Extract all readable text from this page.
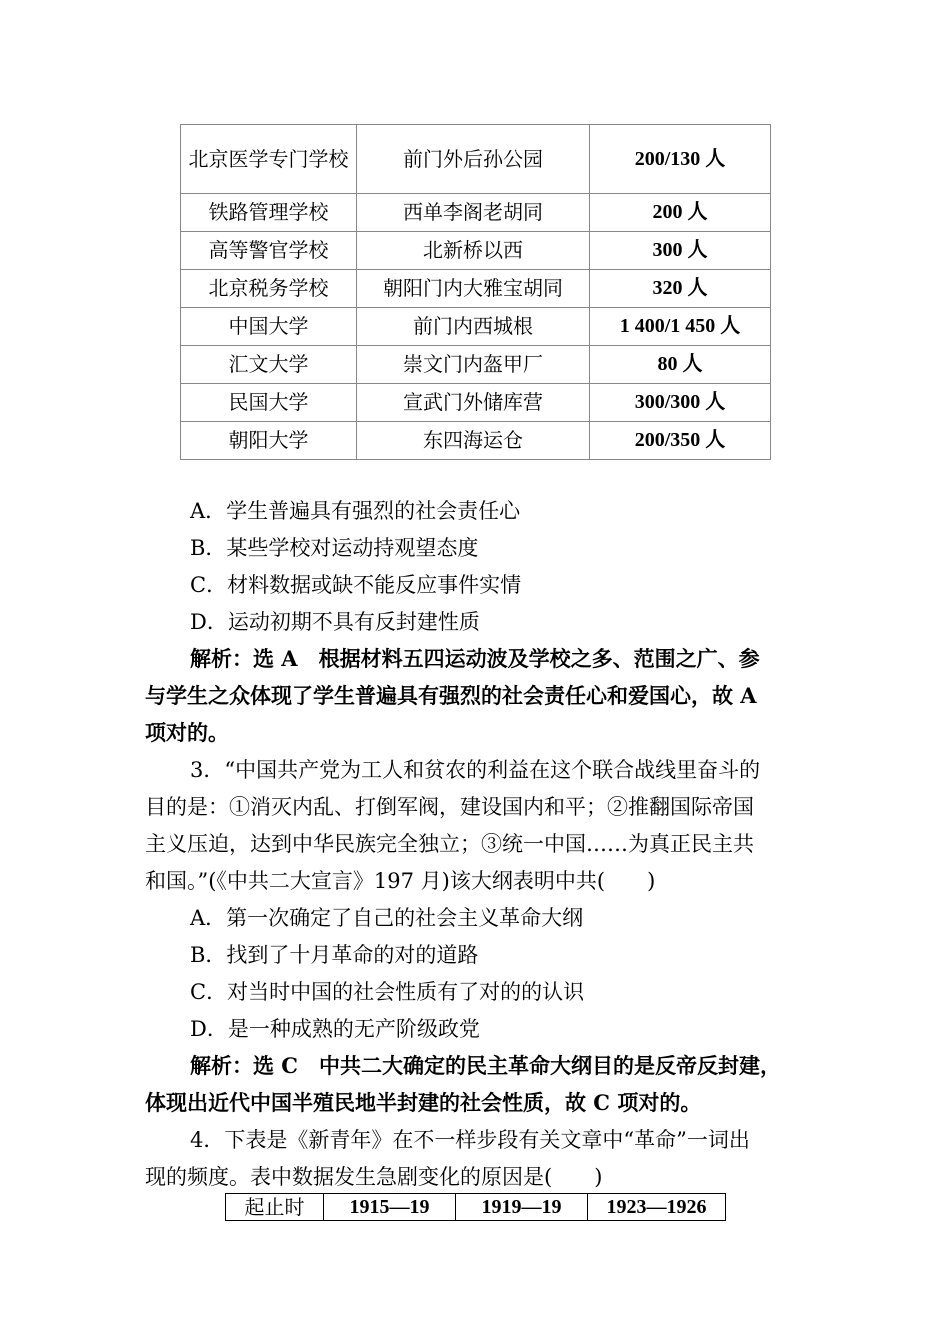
北京医学专门学校	前门外后孙公园	200/130 人
铁路管理学校	西单李阁老胡同	200 人
高等警官学校	北新桥以西	300 人
北京税务学校	朝阳门内大雅宝胡同	320 人
中国大学	前门内西城根	1 400/1 450 人
汇文大学	崇文门内盔甲厂	80 人
民国大学	宣武门外储库营	300/300 人
朝阳大学	东四海运仓	200/350 人
A．学生普遍具有强烈的社会责任心
B．某些学校对运动持观望态度
C．材料数据或缺不能反应事件实情
D．运动初期不具有反封建性质
解析：选 A　根据材料五四运动波及学校之多、范围之广、参
与学生之众体现了学生普遍具有强烈的社会责任心和爱国心，故 A
项对的。
3．“中国共产党为工人和贫农的利益在这个联合战线里奋斗的
目的是：①消灭内乱、打倒军阀，建设国内和平；②推翻国际帝国
主义压迫，达到中华民族完全独立；③统一中国……为真正民主共
和国。”(《中共二大宣言》197 月)该大纲表明中共(　　)
A．第一次确定了自己的社会主义革命大纲
B．找到了十月革命的对的道路
C．对当时中国的社会性质有了对的的认识
D．是一种成熟的无产阶级政党
解析：选 C　中共二大确定的民主革命大纲目的是反帝反封建，
体现出近代中国半殖民地半封建的社会性质，故 C 项对的。
4．下表是《新青年》在不一样步段有关文章中“革命”一词出
现的频度。表中数据发生急剧变化的原因是(　　)
起止时	1915—19	1919—19	1923—1926
